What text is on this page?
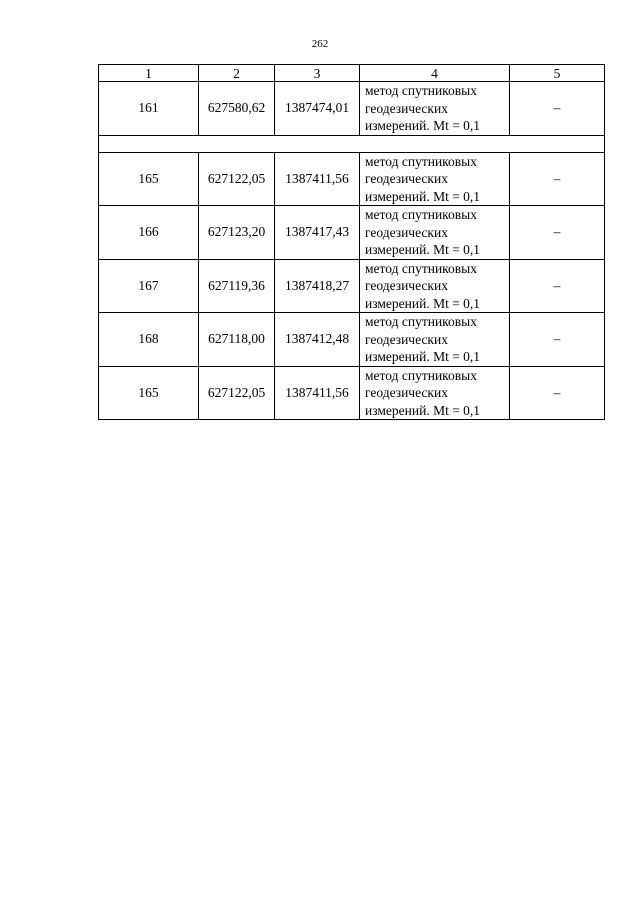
262
1	2	3	4	5
161	627580,62	1387474,01	метод спутниковых
геодезических
измерений. Mt = 0,1	–

165	627122,05	1387411,56	метод спутниковых
геодезических
измерений. Mt = 0,1	–
166	627123,20	1387417,43	метод спутниковых
геодезических
измерений. Mt = 0,1	–
167	627119,36	1387418,27	метод спутниковых
геодезических
измерений. Mt = 0,1	–
168	627118,00	1387412,48	метод спутниковых
геодезических
измерений. Mt = 0,1	–
165	627122,05	1387411,56	метод спутниковых
геодезических
измерений. Mt = 0,1	–
